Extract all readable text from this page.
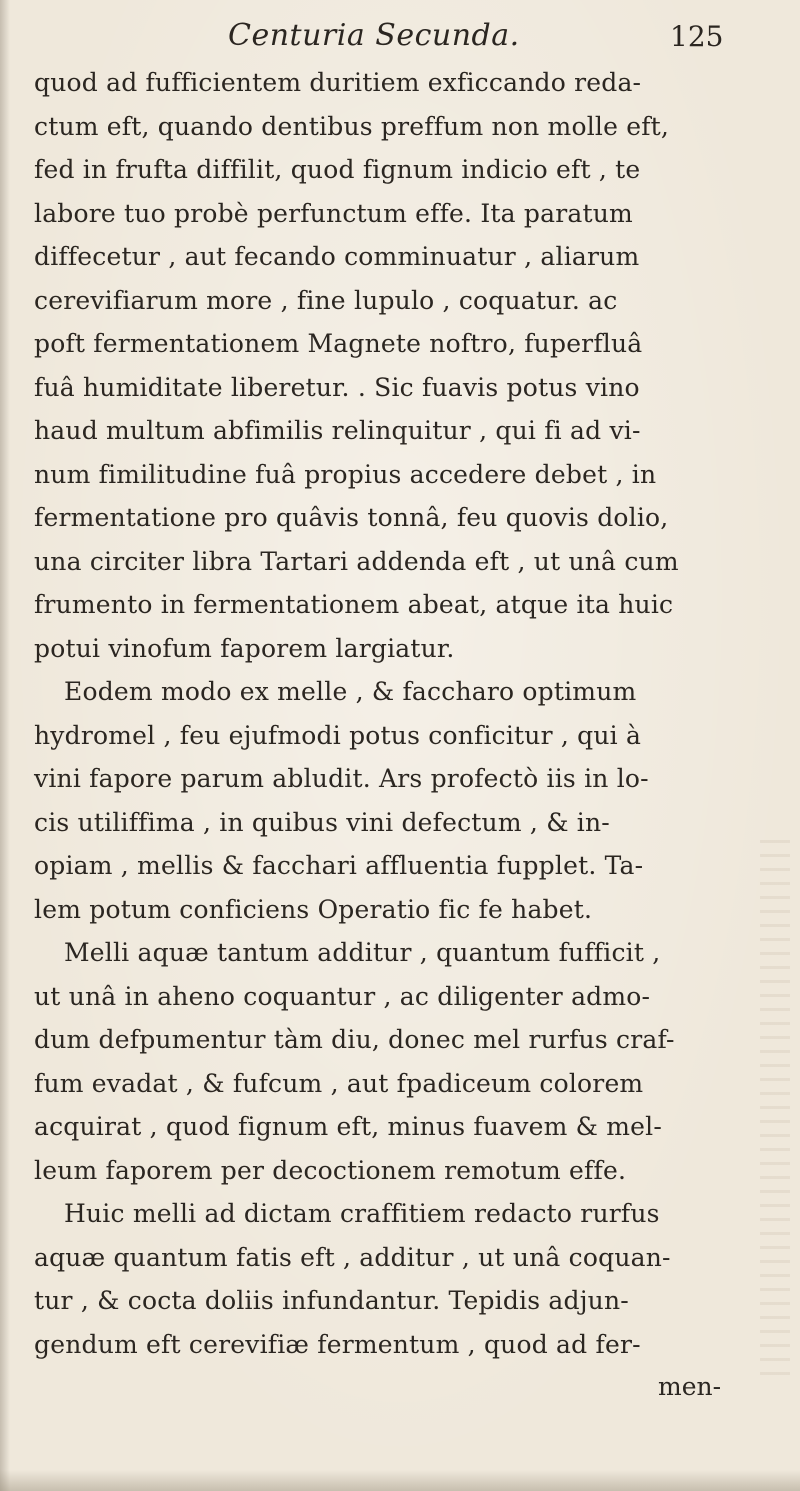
Centuria Secunda.	125
quod ad fufficientem duritiem exficcando reda-
ctum eft, quando dentibus preffum non molle eft,
fed in frufta diffilit, quod fignum indicio eft , te
labore tuo probè perfunctum effe. Ita paratum
diffecetur , aut fecando comminuatur , aliarum
cerevifiarum more , fine lupulo , coquatur. ac
poft fermentationem Magnete noftro, fuperfluâ
fuâ humiditate liberetur. . Sic fuavis potus vino
haud multum abfimilis relinquitur , qui fi ad vi-
num fimilitudine fuâ propius accedere debet , in
fermentatione pro quâvis tonnâ, feu quovis dolio,
una circiter libra Tartari addenda eft , ut unâ cum
frumento in fermentationem abeat, atque ita huic
potui vinofum faporem largiatur.
Eodem modo ex melle , & faccharo optimum
hydromel , feu ejufmodi potus conficitur , qui à
vini fapore parum abludit. Ars profectò iis in lo-
cis utiliffima , in quibus vini defectum , & in-
opiam , mellis & facchari affluentia fupplet. Ta-
lem potum conficiens Operatio fic fe habet.
Melli aquæ tantum additur , quantum fufficit ,
ut unâ in aheno coquantur , ac diligenter admo-
dum defpumentur tàm diu, donec mel rurfus craf-
fum evadat , & fufcum , aut fpadiceum colorem
acquirat , quod fignum eft, minus fuavem & mel-
leum faporem per decoctionem remotum effe.
Huic melli ad dictam craffitiem redacto rurfus
aquæ quantum fatis eft , additur , ut unâ coquan-
tur , & cocta doliis infundantur. Tepidis adjun-
gendum eft cerevifiæ fermentum , quod ad fer-
men-
